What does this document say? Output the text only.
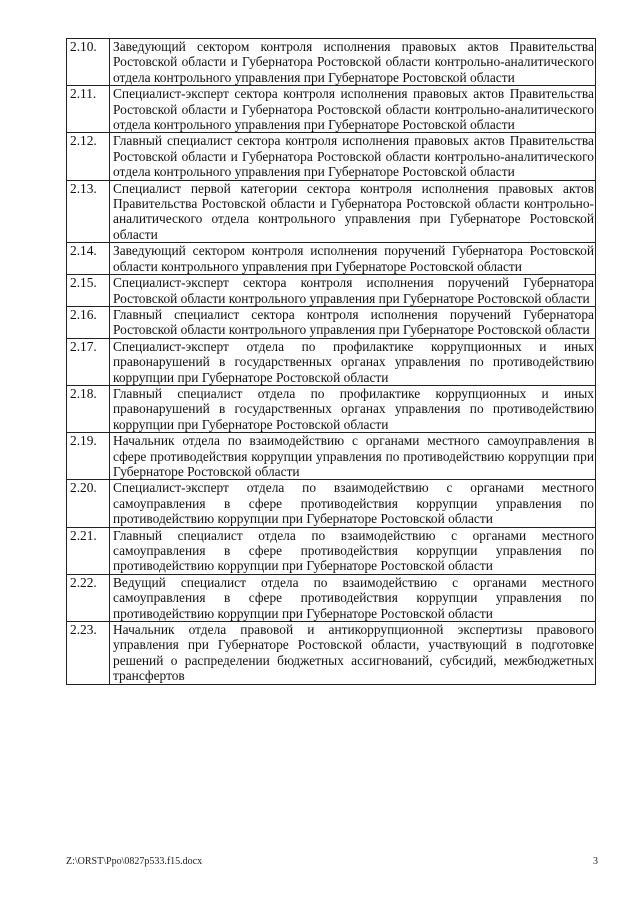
2.10.	Заведующий сектором контроля исполнения правовых актов Правительства Ростовской области и Губернатора Ростовской области контрольно-аналитического отдела контрольного управления при Губернаторе Ростовской области
2.11.	Специалист-эксперт сектора контроля исполнения правовых актов Правительства Ростовской области и Губернатора Ростовской области контрольно-аналитического отдела контрольного управления при Губернаторе Ростовской области
2.12.	Главный специалист сектора контроля исполнения правовых актов Правительства Ростовской области и Губернатора Ростовской области контрольно-аналитического отдела контрольного управления при Губернаторе Ростовской области
2.13.	Специалист первой категории сектора контроля исполнения правовых актов Правительства Ростовской области и Губернатора Ростовской области контрольно-аналитического отдела контрольного управления при Губернаторе Ростовской области
2.14.	Заведующий сектором контроля исполнения поручений Губернатора Ростовской области контрольного управления при Губернаторе Ростовской области
2.15.	Специалист-эксперт сектора контроля исполнения поручений Губернатора Ростовской области контрольного управления при Губернаторе Ростовской области
2.16.	Главный специалист сектора контроля исполнения поручений Губернатора Ростовской области контрольного управления при Губернаторе Ростовской области
2.17.	Специалист-эксперт отдела по профилактике коррупционных и иных правонарушений в государственных органах управления по противодействию коррупции при Губернаторе Ростовской области
2.18.	Главный специалист отдела по профилактике коррупционных и иных правонарушений в государственных органах управления по противодействию коррупции при Губернаторе Ростовской области
2.19.	Начальник отдела по взаимодействию с органами местного самоуправления в сфере противодействия коррупции управления по противодействию коррупции при Губернаторе Ростовской области
2.20.	Специалист-эксперт отдела по взаимодействию с органами местного самоуправления в сфере противодействия коррупции управления по противодействию коррупции при Губернаторе Ростовской области
2.21.	Главный специалист отдела по взаимодействию с органами местного самоуправления в сфере противодействия коррупции управления по противодействию коррупции при Губернаторе Ростовской области
2.22.	Ведущий специалист отдела по взаимодействию с органами местного самоуправления в сфере противодействия коррупции управления по противодействию коррупции при Губернаторе Ростовской области
2.23.	Начальник отдела правовой и антикоррупционной экспертизы правового управления при Губернаторе Ростовской области, участвующий в подготовке решений о распределении бюджетных ассигнований, субсидий, межбюджетных трансфертов
Z:\ORST\Ppo\0827p533.f15.docx	3
